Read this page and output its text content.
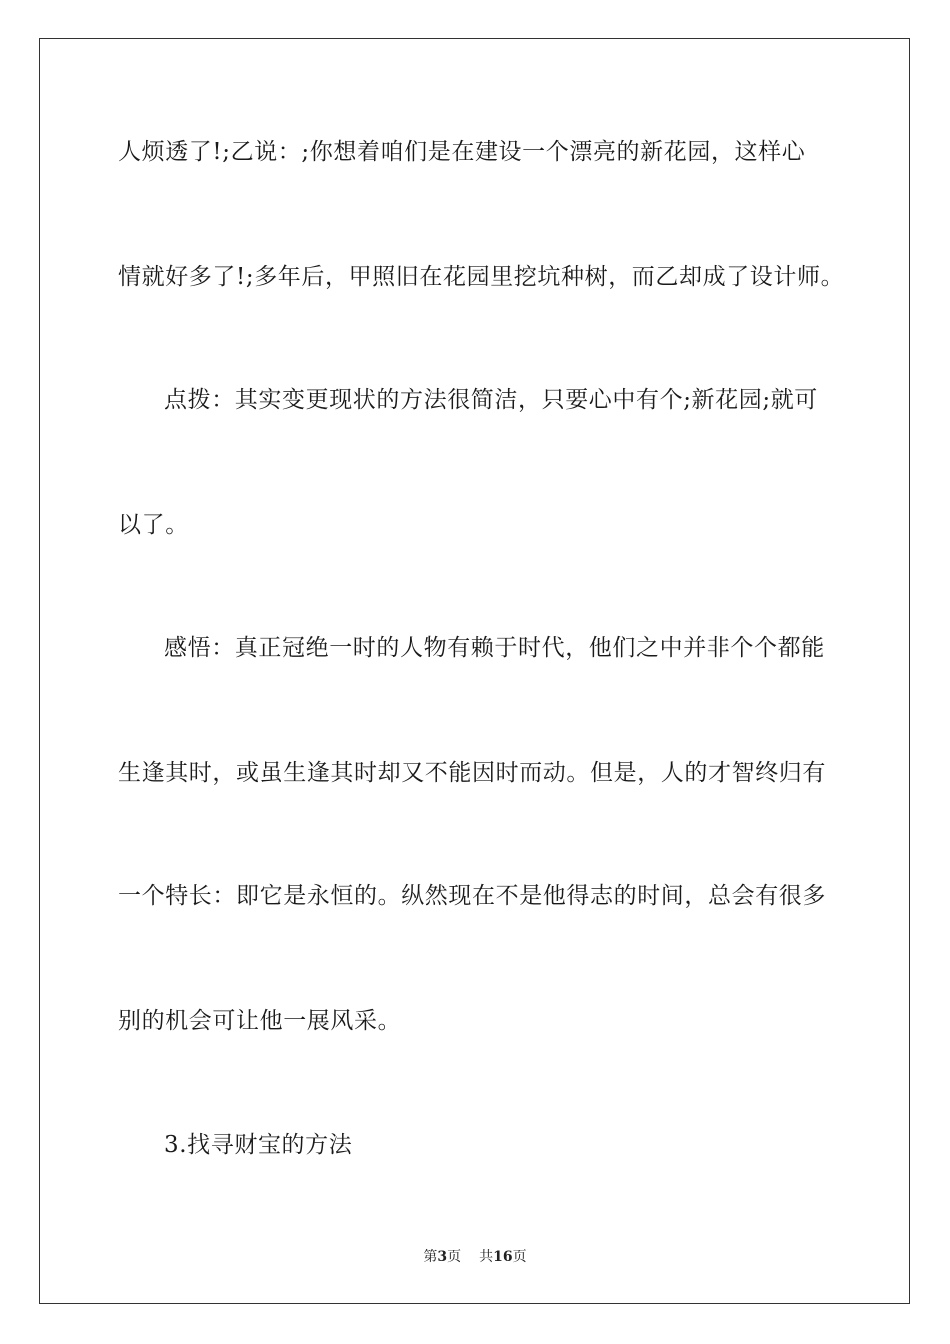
人烦透了!;乙说：;你想着咱们是在建设一个漂亮的新花园，这样心
情就好多了!;多年后，甲照旧在花园里挖坑种树，而乙却成了设计师。
点拨：其实变更现状的方法很简洁，只要心中有个;新花园;就可
以了。
感悟：真正冠绝一时的人物有赖于时代，他们之中并非个个都能
生逢其时，或虽生逢其时却又不能因时而动。但是，人的才智终归有
一个特长：即它是永恒的。纵然现在不是他得志的时间，总会有很多
别的机会可让他一展风采。
3.找寻财宝的方法
第3页 共16页
